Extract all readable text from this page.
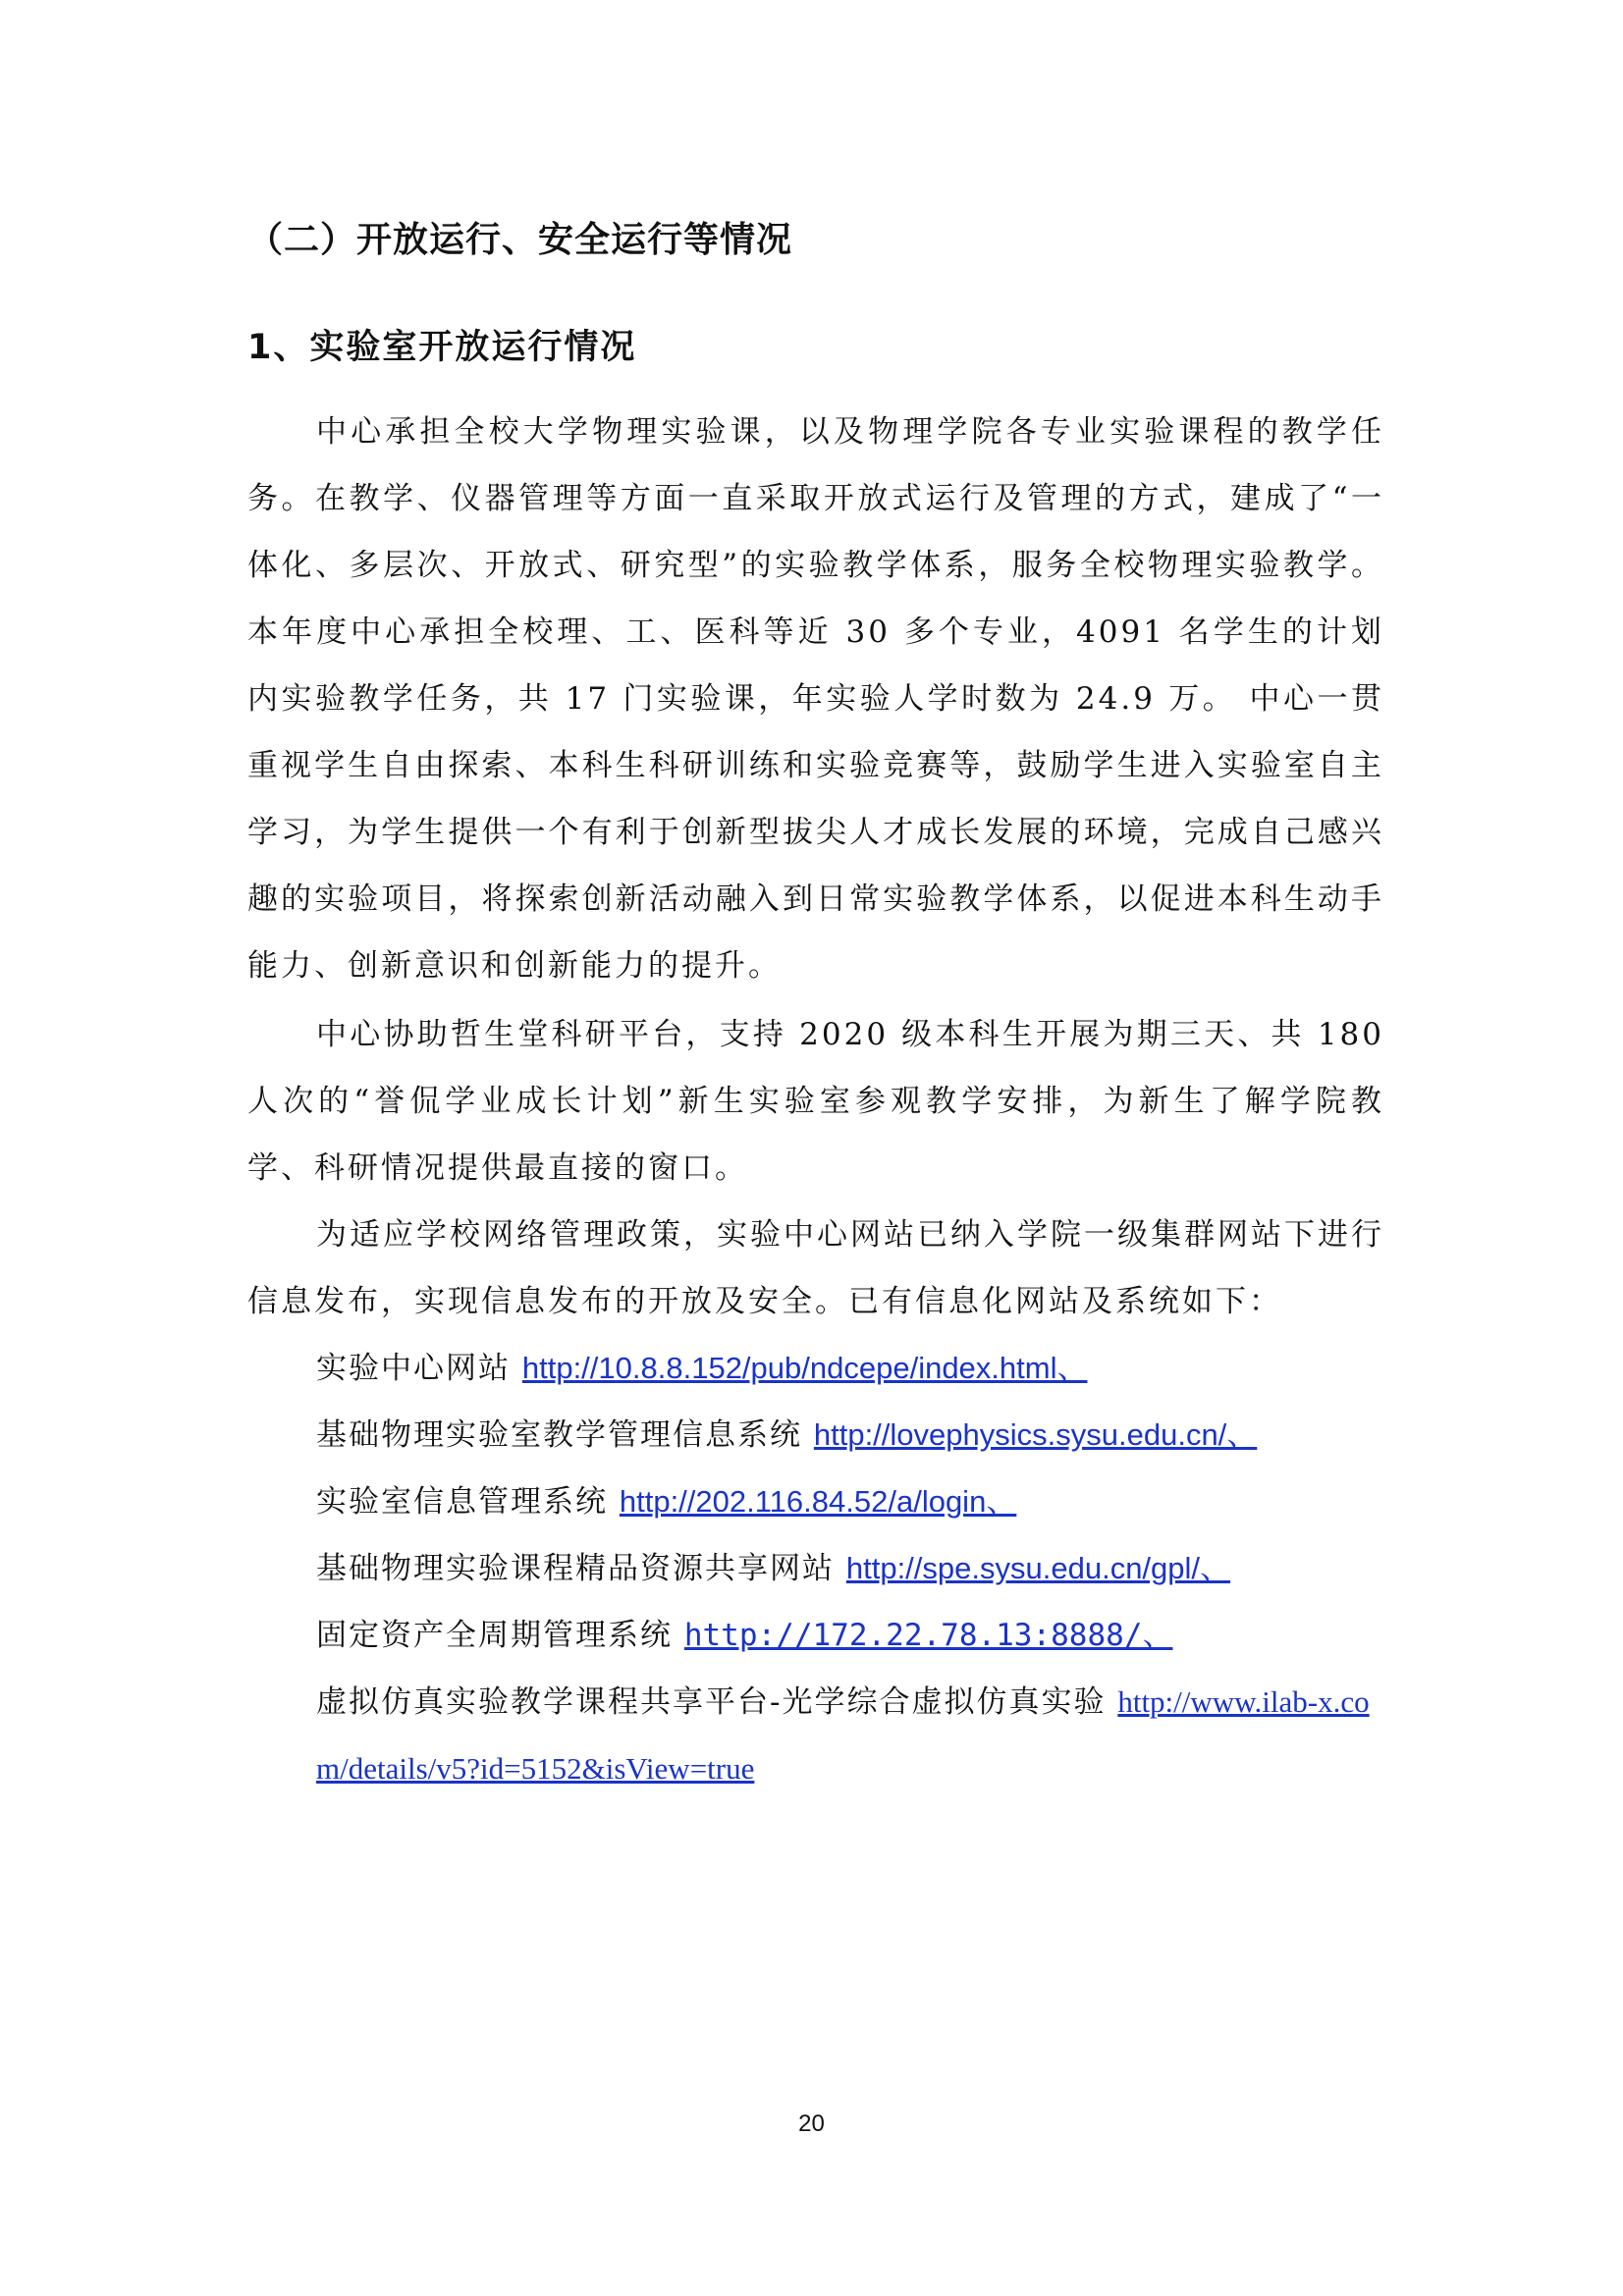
（二）开放运行、安全运行等情况
1、实验室开放运行情况

中心承担全校大学物理实验课，以及物理学院各专业实验课程的教学任务。在教学、仪器管理等方面一直采取开放式运行及管理的方式，建成了“一体化、多层次、开放式、研究型”的实验教学体系，服务全校物理实验教学。本年度中心承担全校理、工、医科等近 30 多个专业，4091 名学生的计划内实验教学任务，共 17 门实验课，年实验人学时数为 24.9 万。 中心一贯重视学生自由探索、本科生科研训练和实验竞赛等，鼓励学生进入实验室自主学习，为学生提供一个有利于创新型拔尖人才成长发展的环境，完成自己感兴趣的实验项目，将探索创新活动融入到日常实验教学体系，以促进本科生动手能力、创新意识和创新能力的提升。

中心协助哲生堂科研平台，支持 2020 级本科生开展为期三天、共 180 人次的“誉侃学业成长计划”新生实验室参观教学安排，为新生了解学院教学、科研情况提供最直接的窗口。

为适应学校网络管理政策，实验中心网站已纳入学院一级集群网站下进行信息发布，实现信息发布的开放及安全。已有信息化网站及系统如下：

实验中心网站 http://10.8.8.152/pub/ndcepe/index.html、
基础物理实验室教学管理信息系统 http://lovephysics.sysu.edu.cn/、
实验室信息管理系统 http://202.116.84.52/a/login、
基础物理实验课程精品资源共享网站 http://spe.sysu.edu.cn/gpl/、
固定资产全周期管理系统 http://172.22.78.13:8888/、
虚拟仿真实验教学课程共享平台-光学综合虚拟仿真实验 http://www.ilab-x.com/details/v5?id=5152&isView=true

20
